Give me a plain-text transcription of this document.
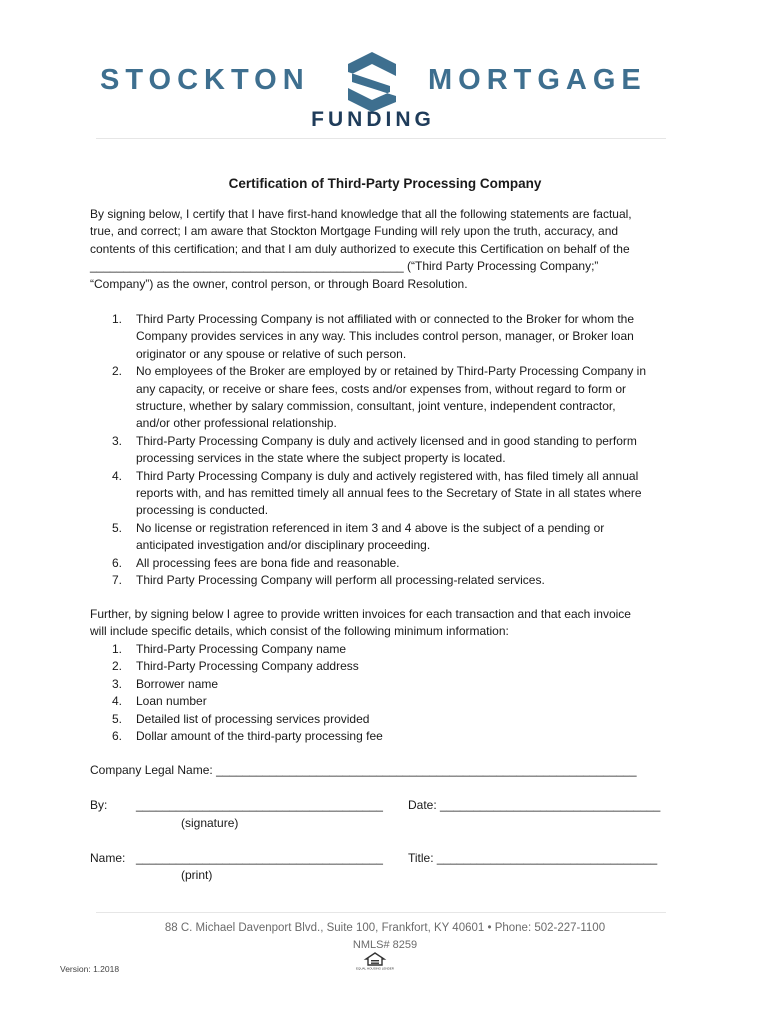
STOCKTON	MORTGAGE
FUNDING
Certification of Third-Party Processing Company
By signing below, I certify that I have first-hand knowledge that all the following statements are factual,
true, and correct; I am aware that Stockton Mortgage Funding will rely upon the truth, accuracy, and
contents of this certification; and that I am duly authorized to execute this Certification on behalf of the
_______________________________________________ (“Third Party Processing Company;”
“Company”) as the owner, control person, or through Board Resolution.
1. Third Party Processing Company is not affiliated with or connected to the Broker for whom the
Company provides services in any way. This includes control person, manager, or Broker loan
originator or any spouse or relative of such person.
2. No employees of the Broker are employed by or retained by Third-Party Processing Company in
any capacity, or receive or share fees, costs and/or expenses from, without regard to form or
structure, whether by salary commission, consultant, joint venture, independent contractor,
and/or other professional relationship.
3. Third-Party Processing Company is duly and actively licensed and in good standing to perform
processing services in the state where the subject property is located.
4. Third Party Processing Company is duly and actively registered with, has filed timely all annual
reports with, and has remitted timely all annual fees to the Secretary of State in all states where
processing is conducted.
5. No license or registration referenced in item 3 and 4 above is the subject of a pending or
anticipated investigation and/or disciplinary proceeding.
6. All processing fees are bona fide and reasonable.
7. Third Party Processing Company will perform all processing-related services.
Further, by signing below I agree to provide written invoices for each transaction and that each invoice
will include specific details, which consist of the following minimum information:
1. Third-Party Processing Company name
2. Third-Party Processing Company address
3. Borrower name
4. Loan number
5. Detailed list of processing services provided
6. Dollar amount of the third-party processing fee
Company Legal Name: _______________________________________________________________
By: _____________________________________ Date: _________________________________
(signature)
Name: _____________________________________ Title: _________________________________
(print)
88 C. Michael Davenport Blvd., Suite 100, Frankfort, KY 40601 • Phone: 502-227-1100
NMLS# 8259
EQUAL HOUSING LENDER
Version: 1.2018
